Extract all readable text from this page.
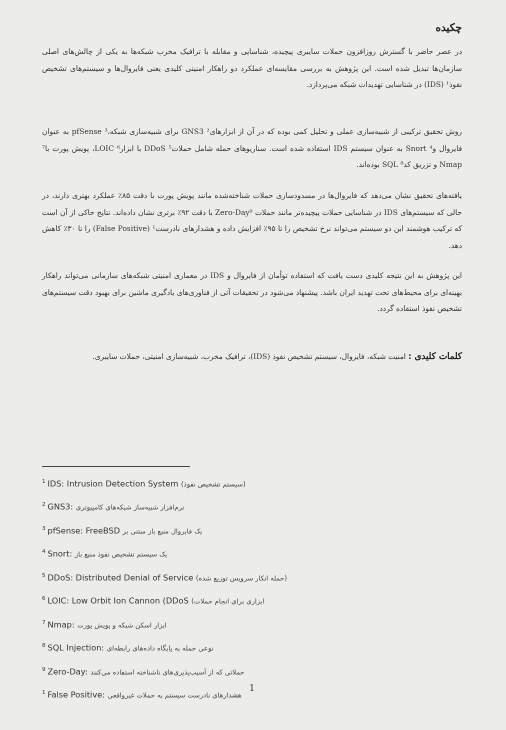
چکیده

در عصر حاضر با گسترش روزافزون حملات سایبری پیچیده، شناسایی و مقابله با ترافیک مخرب شبکه‌ها به یکی از چالش‌های اصلی سازمان‌ها تبدیل شده است. این پژوهش به بررسی مقایسه‌ای عملکرد دو راهکار امنیتی کلیدی یعنی فایروال‌ها و سیستم‌های تشخیص نفوذ¹ (IDS) در شناسایی تهدیدات شبکه می‌پردازد.

روش تحقیق ترکیبی از شبیه‌سازی عملی و تحلیل کمی بوده که در آن از ابزارهای² GNS3 برای شبیه‌سازی شبکه،³ pfSense به عنوان فایروال و⁴ Snort به عنوان سیستم IDS استفاده شده است. سناریوهای حمله شامل حملات⁵ DDoS با ابزار⁶ LOIC، پویش پورت با⁷ Nmap و تزریق کد⁸ SQL بوده‌اند.

یافته‌های تحقیق نشان می‌دهد که فایروال‌ها در مسدودسازی حملات شناخته‌شده مانند پویش پورت با دقت ۸۵٪ عملکرد بهتری دارند، در حالی که سیستم‌های IDS در شناسایی حملات پیچیده‌تر مانند حملات Zero-Day⁹ با دقت ۹۲٪ برتری نشان داده‌اند. نتایج حاکی از آن است که ترکیب هوشمند این دو سیستم می‌تواند نرخ تشخیص را تا ۹۵٪ افزایش داده و هشدارهای نادرست¹ (False Positive) را تا ۳۰٪ کاهش دهد.

این پژوهش به این نتیجه کلیدی دست یافت که استفاده توأمان از فایروال و IDS در معماری امنیتی شبکه‌های سازمانی می‌تواند راهکار بهینه‌ای برای محیط‌های تحت تهدید ایران باشد. پیشنهاد می‌شود در تحقیقات آتی از فناوری‌های یادگیری ماشین برای بهبود دقت سیستم‌های تشخیص نفوذ استفاده گردد.

کلمات کلیدی : امنیت شبکه، فایروال، سیستم تشخیص نفوذ (IDS)، ترافیک مخرب، شبیه‌سازی امنیتی، حملات سایبری.

$^1$ IDS: Intrusion Detection System (سیستم تشخیص نفوذ)
$^2$ GNS3: نرم‌افزار شبیه‌ساز شبکه‌های کامپیوتری
$^3$ pfSense: FreeBSD یک فایروال منبع باز مبتنی بر
$^4$ Snort: یک سیستم تشخیص نفوذ منبع باز
$^5$ DDoS: Distributed Denial of Service (حمله انکار سرویس توزیع شده)
$^6$ LOIC: Low Orbit Ion Cannon (DDoS ابزاری برای انجام حملات)
$^7$ Nmap: ابزار اسکن شبکه و پویش پورت
$^8$ SQL Injection: نوعی حمله به پایگاه داده‌های رابطه‌ای
$^9$ Zero-Day: حملاتی که از آسیب‌پذیری‌های ناشناخته استفاده می‌کنند
$^1$ False Positive: هشدارهای نادرست سیستم به حملات غیرواقعی
1
